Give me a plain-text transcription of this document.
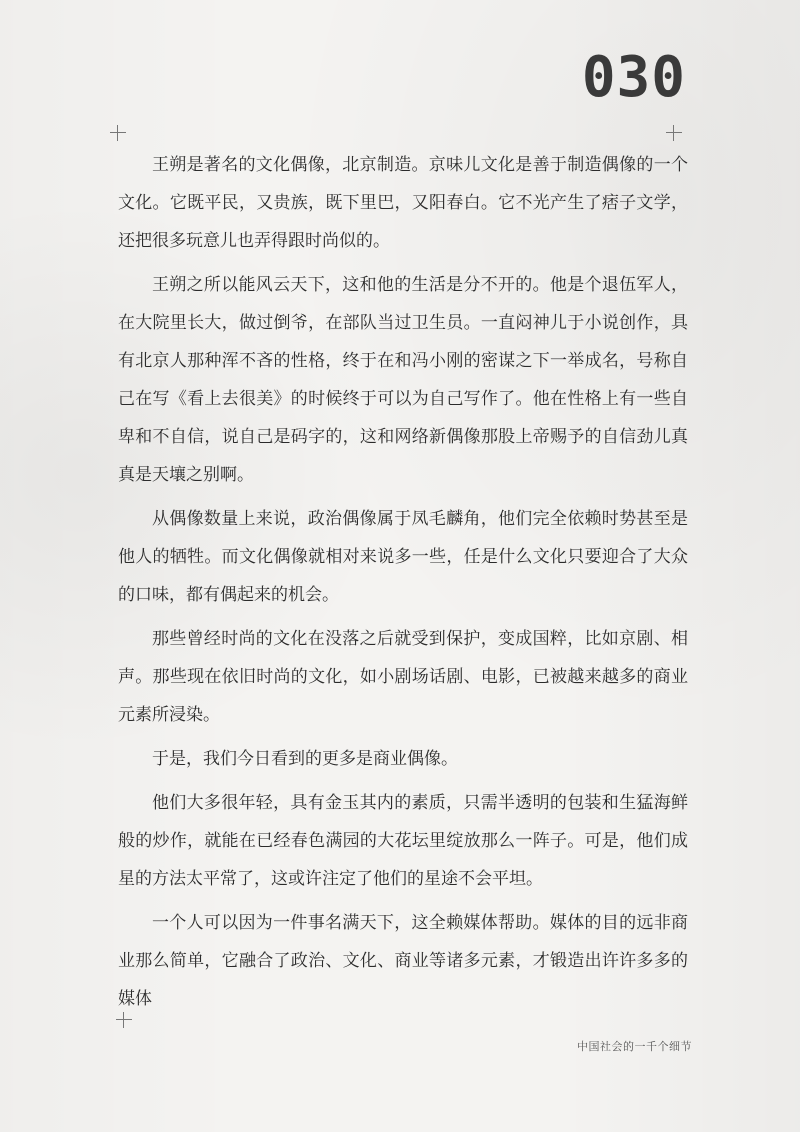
030

王朔是著名的文化偶像，北京制造。京味儿文化是善于制造偶像的一个文化。它既平民，又贵族，既下里巴，又阳春白。它不光产生了痞子文学，还把很多玩意儿也弄得跟时尚似的。

王朔之所以能风云天下，这和他的生活是分不开的。他是个退伍军人，在大院里长大，做过倒爷，在部队当过卫生员。一直闷神儿于小说创作，具有北京人那种浑不吝的性格，终于在和冯小刚的密谋之下一举成名，号称自己在写《看上去很美》的时候终于可以为自己写作了。他在性格上有一些自卑和不自信，说自己是码字的，这和网络新偶像那股上帝赐予的自信劲儿真真是天壤之别啊。

从偶像数量上来说，政治偶像属于凤毛麟角，他们完全依赖时势甚至是他人的牺牲。而文化偶像就相对来说多一些，任是什么文化只要迎合了大众的口味，都有偶起来的机会。

那些曾经时尚的文化在没落之后就受到保护，变成国粹，比如京剧、相声。那些现在依旧时尚的文化，如小剧场话剧、电影，已被越来越多的商业元素所浸染。

于是，我们今日看到的更多是商业偶像。

他们大多很年轻，具有金玉其内的素质，只需半透明的包装和生猛海鲜般的炒作，就能在已经春色满园的大花坛里绽放那么一阵子。可是，他们成星的方法太平常了，这或许注定了他们的星途不会平坦。

一个人可以因为一件事名满天下，这全赖媒体帮助。媒体的目的远非商业那么简单，它融合了政治、文化、商业等诸多元素，才锻造出许许多多的媒体

中国社会的一千个细节
